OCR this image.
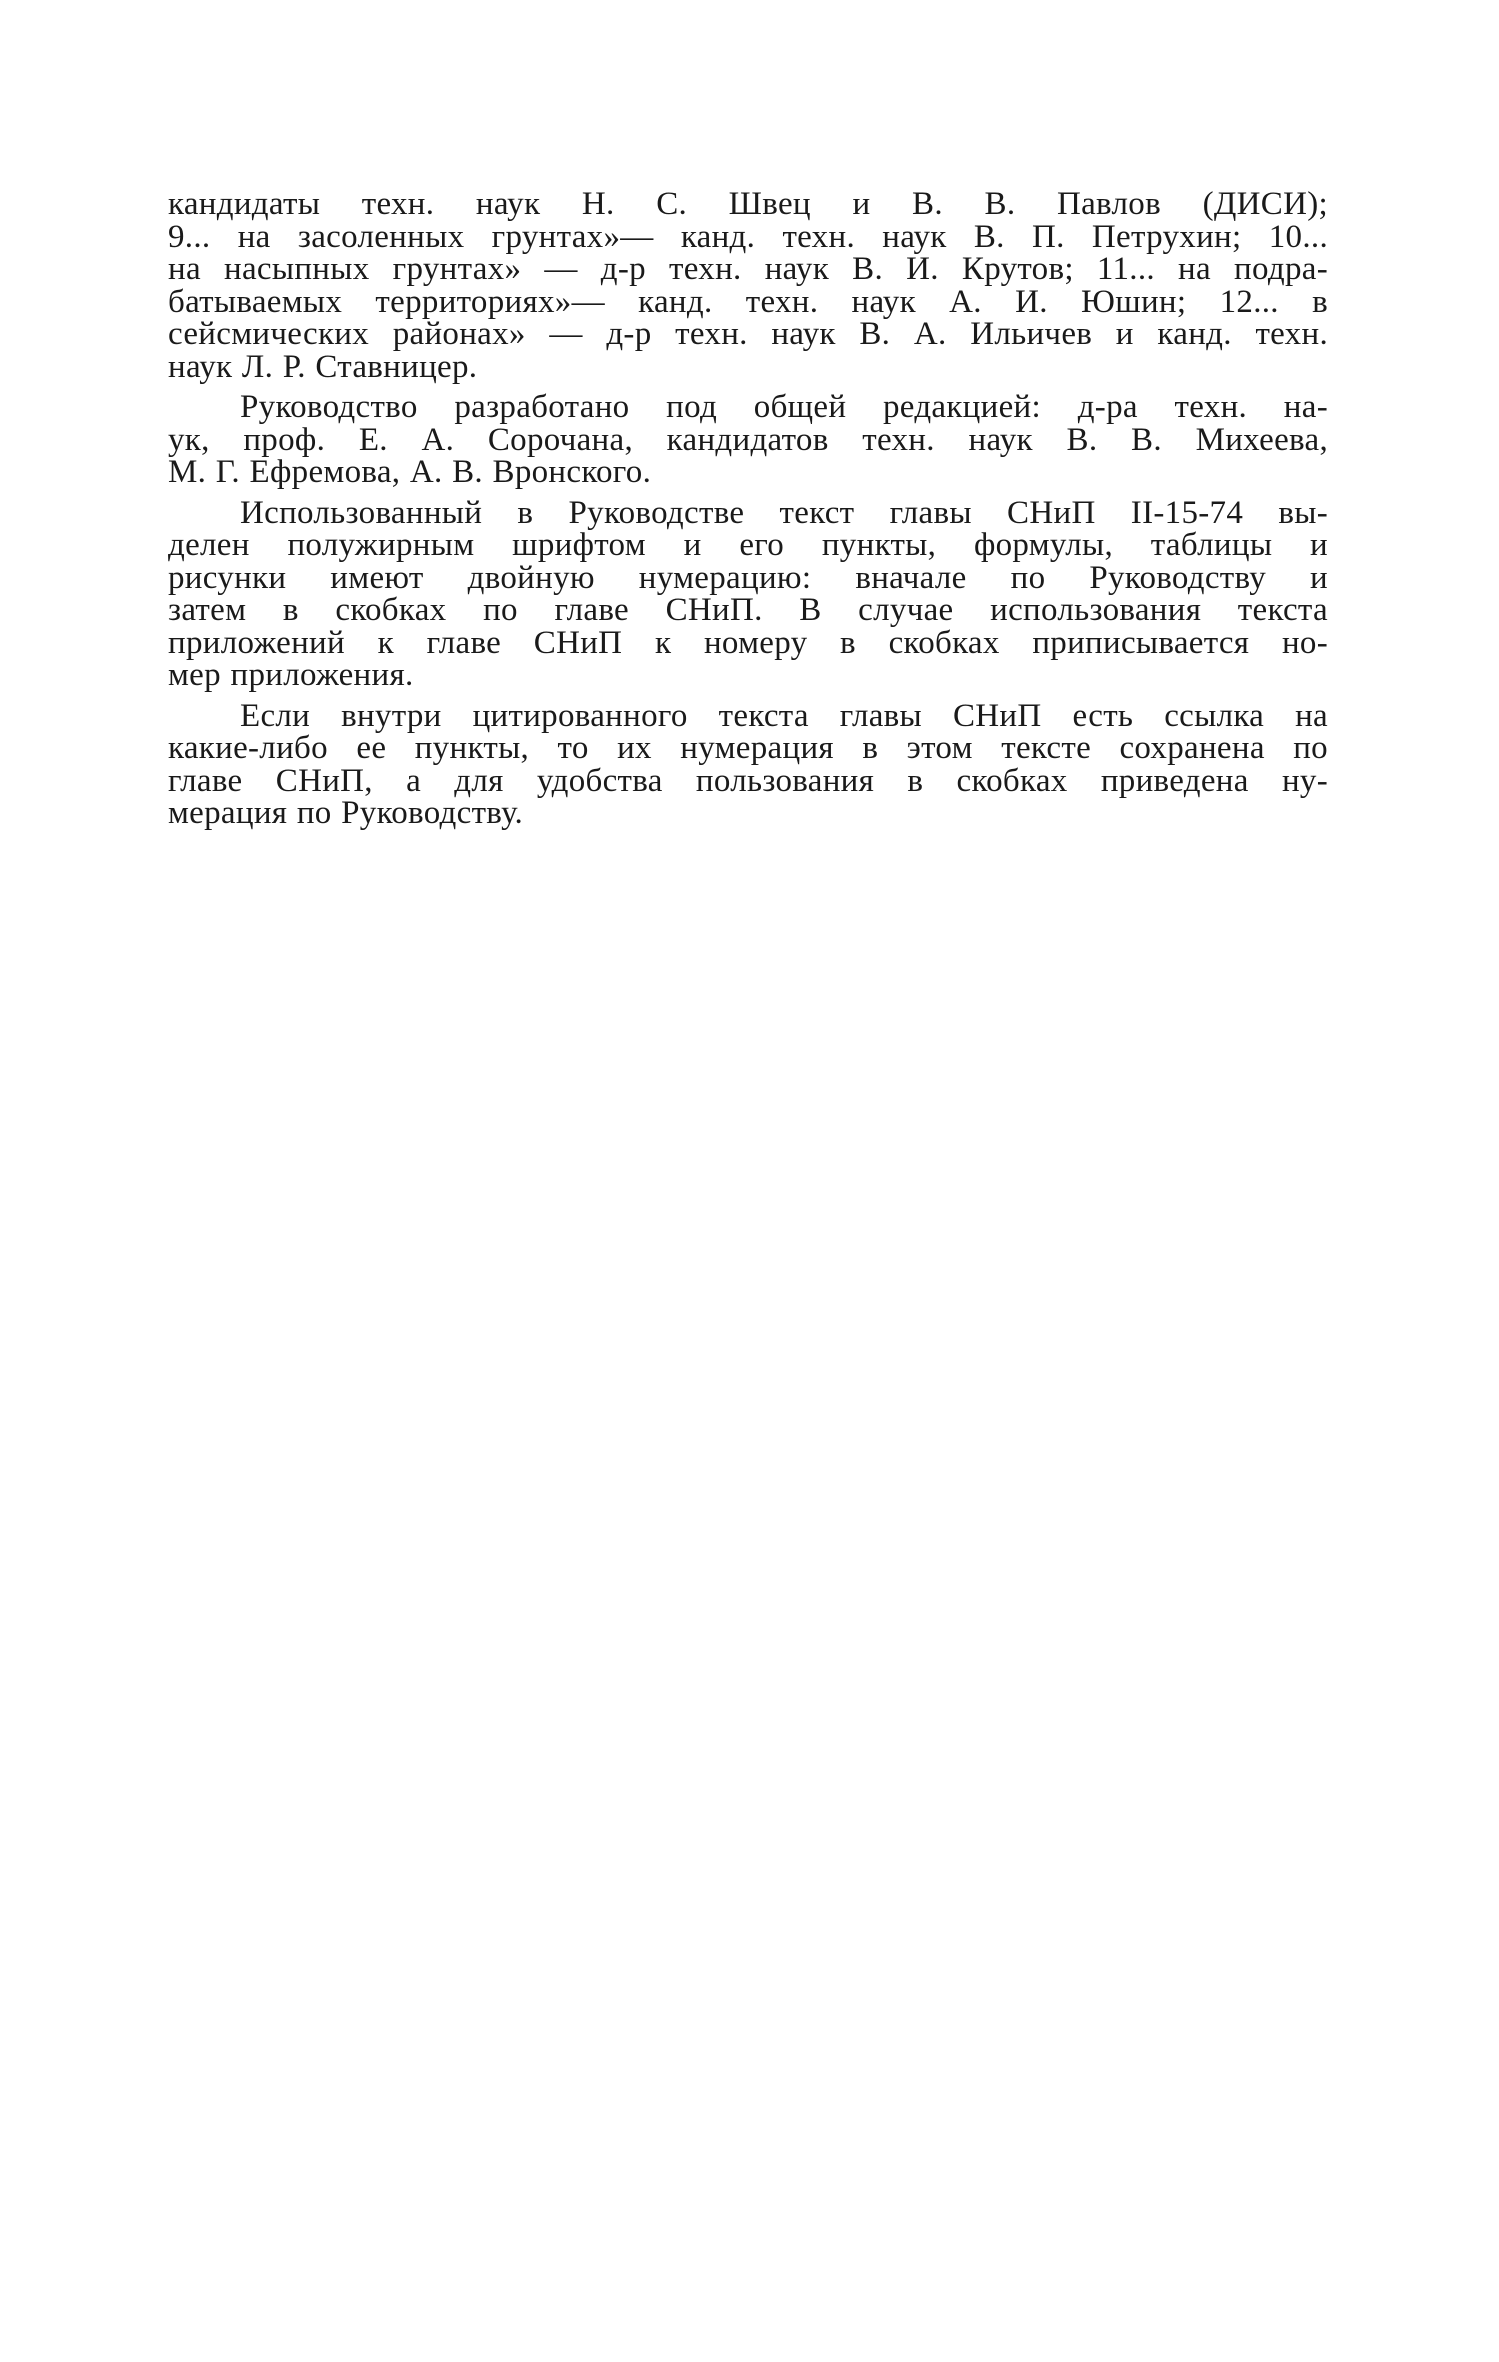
кандидаты техн. наук Н. С. Швец и В. В. Павлов (ДИСИ);
9... на засоленных грунтах»— канд. техн. наук В. П. Петрухин; 10...
на насыпных грунтах» — д-р техн. наук В. И. Крутов; 11... на подра-
батываемых территориях»— канд. техн. наук А. И. Юшин; 12... в
сейсмических районах» — д-р техн. наук В. А. Ильичев и канд. техн.
наук Л. Р. Ставницер.

Руководство разработано под общей редакцией: д-ра техн. на-
ук, проф. Е. А. Сорочана, кандидатов техн. наук В. В. Михеева,
М. Г. Ефремова, А. В. Вронского.

Использованный в Руководстве текст главы СНиП II-15-74 вы-
делен полужирным шрифтом и его пункты, формулы, таблицы и
рисунки имеют двойную нумерацию: вначале по Руководству и
затем в скобках по главе СНиП. В случае использования текста
приложений к главе СНиП к номеру в скобках приписывается но-
мер приложения.

Если внутри цитированного текста главы СНиП есть ссылка на
какие-либо ее пункты, то их нумерация в этом тексте сохранена по
главе СНиП, а для удобства пользования в скобках приведена ну-
мерация по Руководству.
